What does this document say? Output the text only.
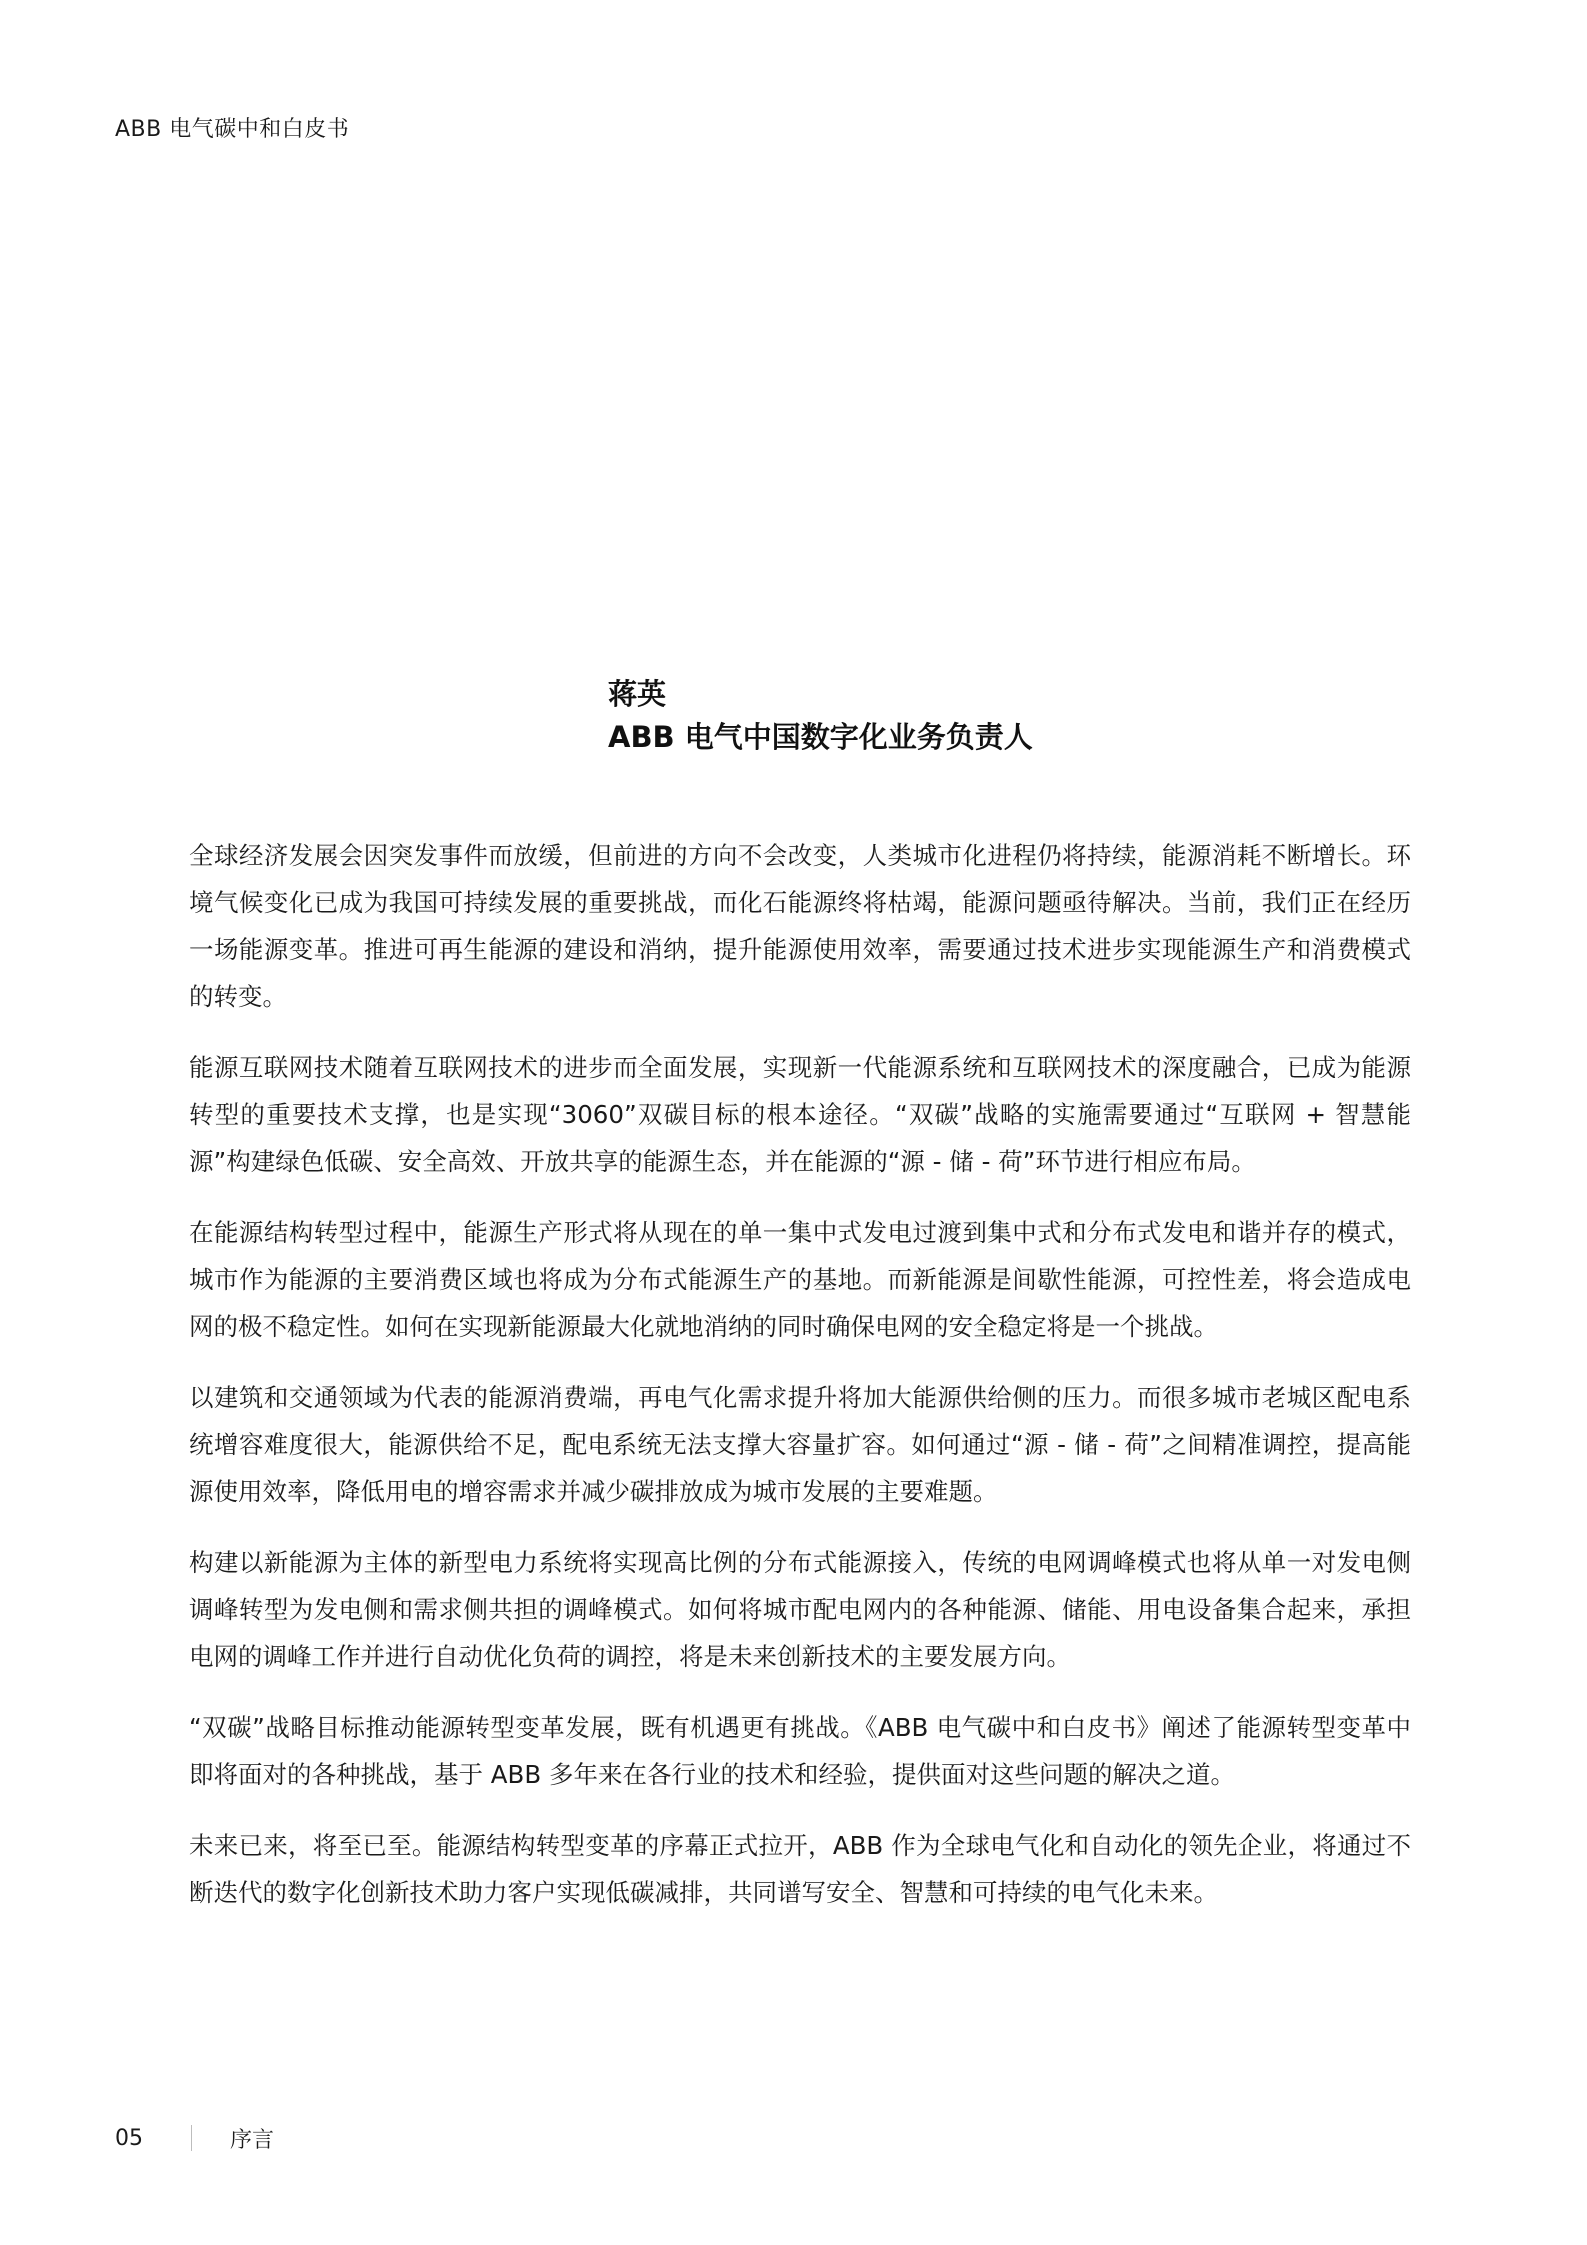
ABB 电气碳中和白皮书
蒋英
ABB 电气中国数字化业务负责人

全球经济发展会因突发事件而放缓，但前进的方向不会改变，人类城市化进程仍将持续，能源消耗不断增长。环境气候变化已成为我国可持续发展的重要挑战，而化石能源终将枯竭，能源问题亟待解决。当前，我们正在经历一场能源变革。推进可再生能源的建设和消纳，提升能源使用效率，需要通过技术进步实现能源生产和消费模式的转变。

能源互联网技术随着互联网技术的进步而全面发展，实现新一代能源系统和互联网技术的深度融合，已成为能源转型的重要技术支撑，也是实现“3060”双碳目标的根本途径。“双碳”战略的实施需要通过“互联网 + 智慧能源”构建绿色低碳、安全高效、开放共享的能源生态，并在能源的“源 - 储 - 荷”环节进行相应布局。

在能源结构转型过程中，能源生产形式将从现在的单一集中式发电过渡到集中式和分布式发电和谐并存的模式，城市作为能源的主要消费区域也将成为分布式能源生产的基地。而新能源是间歇性能源，可控性差，将会造成电网的极不稳定性。如何在实现新能源最大化就地消纳的同时确保电网的安全稳定将是一个挑战。

以建筑和交通领域为代表的能源消费端，再电气化需求提升将加大能源供给侧的压力。而很多城市老城区配电系统增容难度很大，能源供给不足，配电系统无法支撑大容量扩容。如何通过“源 - 储 - 荷”之间精准调控，提高能源使用效率，降低用电的增容需求并减少碳排放成为城市发展的主要难题。

构建以新能源为主体的新型电力系统将实现高比例的分布式能源接入，传统的电网调峰模式也将从单一对发电侧调峰转型为发电侧和需求侧共担的调峰模式。如何将城市配电网内的各种能源、储能、用电设备集合起来，承担电网的调峰工作并进行自动优化负荷的调控，将是未来创新技术的主要发展方向。

“双碳”战略目标推动能源转型变革发展，既有机遇更有挑战。《ABB 电气碳中和白皮书》阐述了能源转型变革中即将面对的各种挑战，基于 ABB 多年来在各行业的技术和经验，提供面对这些问题的解决之道。

未来已来，将至已至。能源结构转型变革的序幕正式拉开，ABB 作为全球电气化和自动化的领先企业，将通过不断迭代的数字化创新技术助力客户实现低碳减排，共同谱写安全、智慧和可持续的电气化未来。

05	序言
